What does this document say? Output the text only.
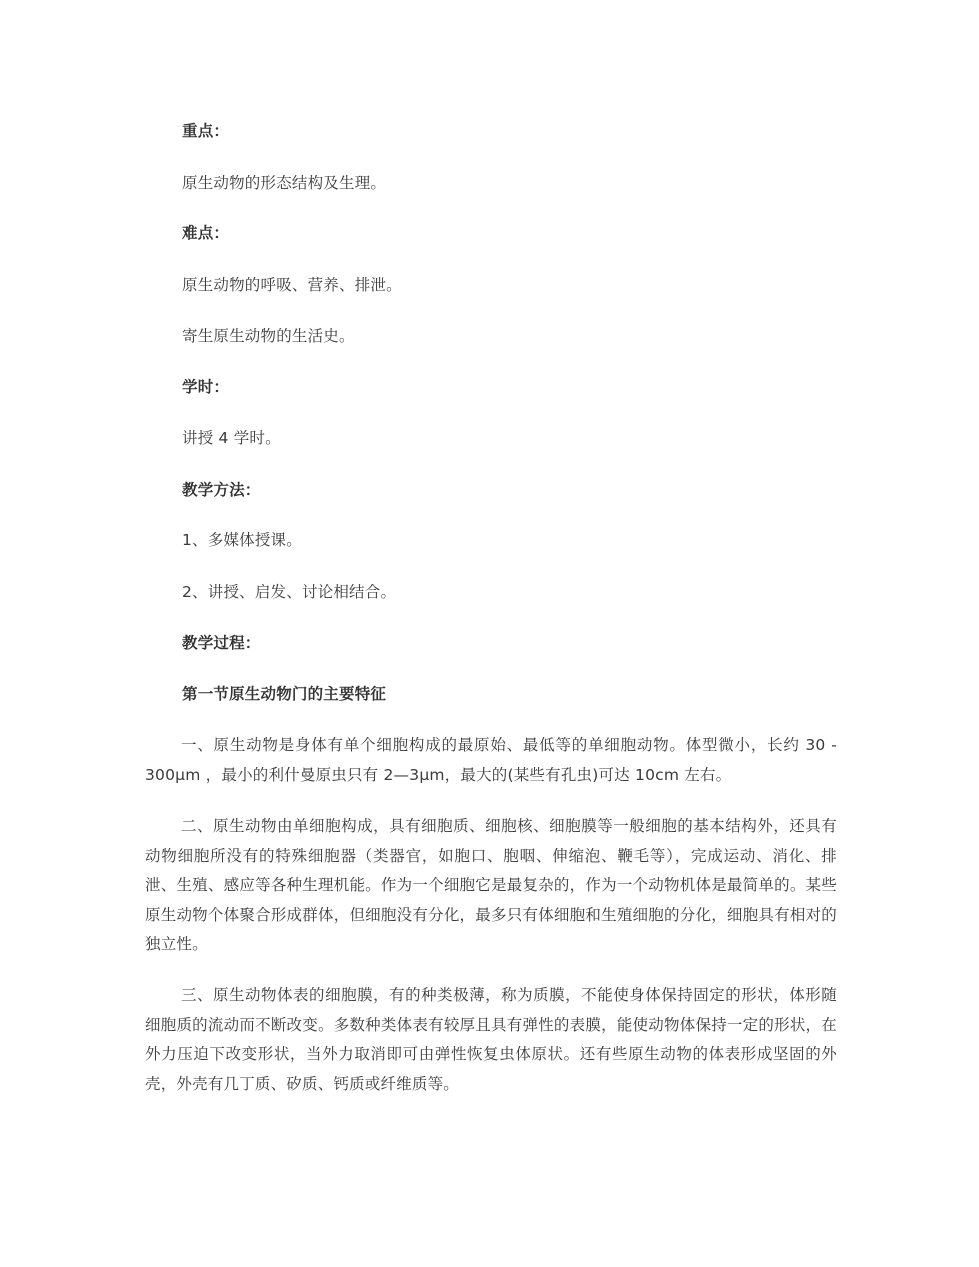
重点：
原生动物的形态结构及生理。
难点：
原生动物的呼吸、营养、排泄。
寄生原生动物的生活史。
学时：
讲授 4 学时。
教学方法：
1、多媒体授课。
2、讲授、启发、讨论相结合。
教学过程：
第一节原生动物门的主要特征
一、原生动物是身体有单个细胞构成的最原始、最低等的单细胞动物。体型微小，长约 30 - 300μm ，最小的利什曼原虫只有 2—3μm，最大的(某些有孔虫)可达 10cm 左右。
二、原生动物由单细胞构成，具有细胞质、细胞核、细胞膜等一般细胞的基本结构外，还具有动物细胞所没有的特殊细胞器（类器官，如胞口、胞咽、伸缩泡、鞭毛等），完成运动、消化、排泄、生殖、感应等各种生理机能。作为一个细胞它是最复杂的，作为一个动物机体是最简单的。某些原生动物个体聚合形成群体，但细胞没有分化，最多只有体细胞和生殖细胞的分化，细胞具有相对的独立性。
三、原生动物体表的细胞膜，有的种类极薄，称为质膜，不能使身体保持固定的形状，体形随细胞质的流动而不断改变。多数种类体表有较厚且具有弹性的表膜，能使动物体保持一定的形状，在外力压迫下改变形状，当外力取消即可由弹性恢复虫体原状。还有些原生动物的体表形成坚固的外壳，外壳有几丁质、矽质、钙质或纤维质等。
